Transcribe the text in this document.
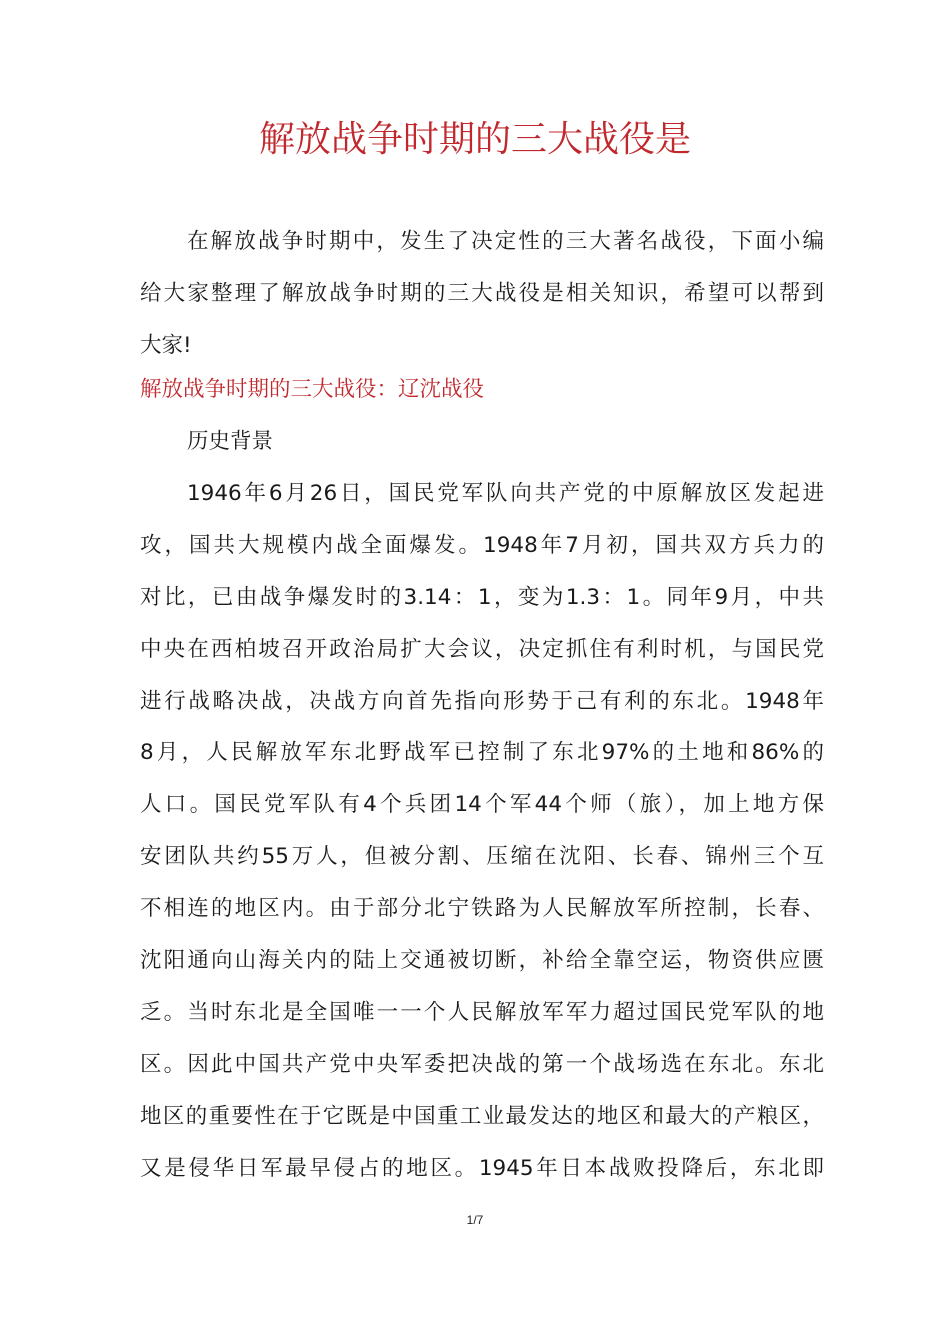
解放战争时期的三大战役是
在解放战争时期中，发生了决定性的三大著名战役，下面小编
给大家整理了解放战争时期的三大战役是相关知识，希望可以帮到
大家!
解放战争时期的三大战役：辽沈战役

历史背景

1946年6月26日，国民党军队向共产党的中原解放区发起进
攻，国共大规模内战全面爆发。1948年7月初，国共双方兵力的
对比，已由战争爆发时的3.14：1，变为1.3：1。同年9月，中共
中央在西柏坡召开政治局扩大会议，决定抓住有利时机，与国民党
进行战略决战，决战方向首先指向形势于己有利的东北。1948年
8月，人民解放军东北野战军已控制了东北97%的土地和86%的
人口。国民党军队有4个兵团14个军44个师（旅），加上地方保
安团队共约55万人，但被分割、压缩在沈阳、长春、锦州三个互
不相连的地区内。由于部分北宁铁路为人民解放军所控制，长春、
沈阳通向山海关内的陆上交通被切断，补给全靠空运，物资供应匮
乏。当时东北是全国唯一一个人民解放军军力超过国民党军队的地
区。因此中国共产党中央军委把决战的第一个战场选在东北。东北
地区的重要性在于它既是中国重工业最发达的地区和最大的产粮区，
又是侵华日军最早侵占的地区。1945年日本战败投降后，东北即
1/7
